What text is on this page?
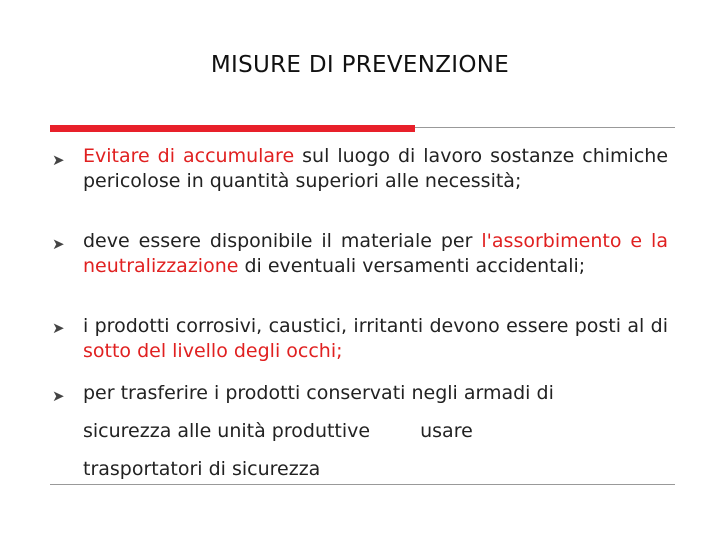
MISURE DI PREVENZIONE
➤ Evitare di accumulare sul luogo di lavoro sostanze chimiche pericolose in quantità superiori alle necessità;
➤ deve essere disponibile il materiale per l'assorbimento e la neutralizzazione di eventuali versamenti accidentali;
➤ i prodotti corrosivi, caustici, irritanti devono essere posti al di sotto del livello degli occhi;
➤ per trasferire i prodotti conservati negli armadi di
sicurezza alle unità produttive	usare
trasportatori di sicurezza
